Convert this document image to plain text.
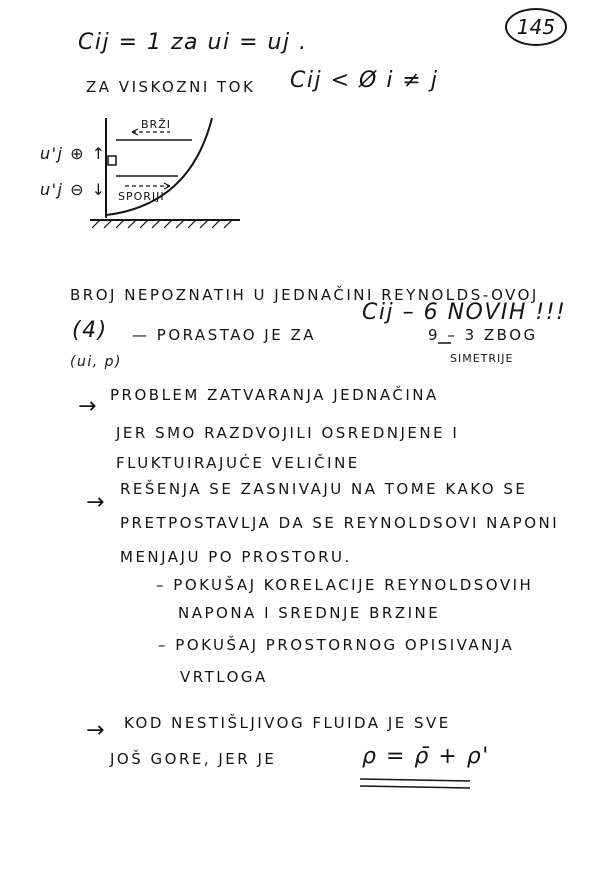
145
Cij = 1 za ui = uj .
ZA VISKOZNI TOK Cij < Ø i ≠ j
BRŽI
SPORIJI
u'j ⊕ ↑
u'j ⊖ ↓
BROJ NEPOZNATIH U JEDNAČINI REYNOLDS-OVOJ
(4) — PORASTAO JE ZA
Cij – 6 NOVIH !!!
9 – 3 ZBOG
(ui, p)	SIMETRIJE
→ PROBLEM ZATVARANJA JEDNAČINA
JER SMO RAZDVOJILI OSREDNJENE I
FLUKTUIRAJUĆE VELIČINE
→
REŠENJA SE ZASNIVAJU NA TOME KAKO SE
PRETPOSTAVLJA DA SE REYNOLDSOVI NAPONI
MENJAJU PO PROSTORU.
– POKUŠAJ KORELACIJE REYNOLDSOVIH
NAPONA I SREDNJE BRZINE
– POKUŠAJ PROSTORNOG OPISIVANJA
VRTLOGA
→ KOD NESTIŠLJIVOG FLUIDA JE SVE
JOŠ GORE, JER JE	ρ = ρ̄ + ρ'
